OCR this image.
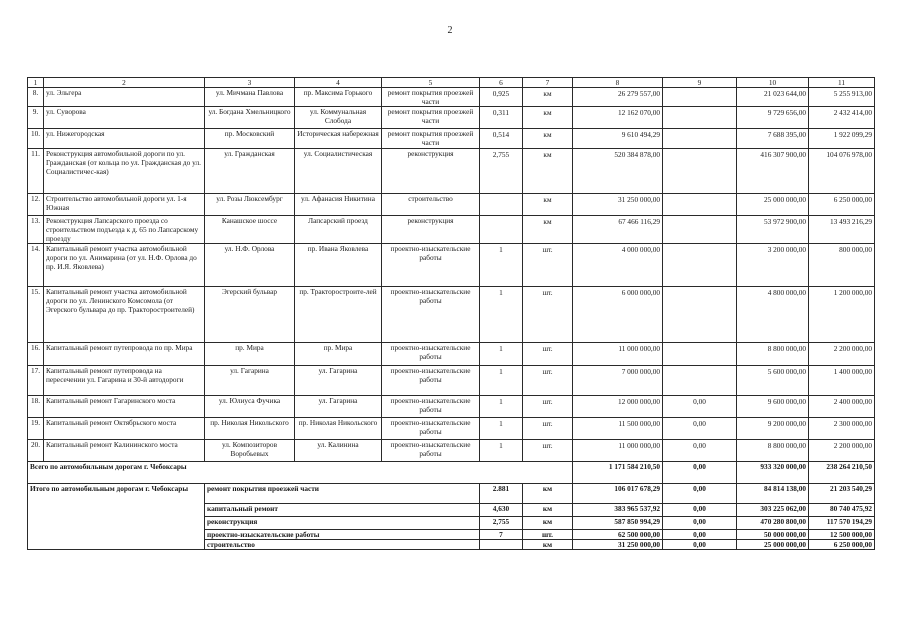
2
1	2	3	4	5	6	7	8	9	10	11
8.	ул. Эльгера	ул. Мичмана Павлова	пр. Максима Горького	ремонт покрытия проезжей части	0,925	км	26 279 557,00		21 023 644,00	5 255 913,00
9.	ул. Суворова	ул. Богдана Хмельницкого	ул. Коммунальная Слобода	ремонт покрытия проезжей части	0,311	км	12 162 070,00		9 729 656,00	2 432 414,00
10.	ул. Нижегородская	пр. Московский	Историческая набережная	ремонт покрытия проезжей части	0,514	км	9 610 494,29		7 688 395,00	1 922 099,29
11.	Реконструкция автомобильной дороги по ул. Гражданская (от кольца по ул. Гражданская до ул. Социалистичес-кая)	ул. Гражданская	ул. Социалистическая	реконструкция	2,755	км	520 384 878,00		416 307 900,00	104 076 978,00
12.	Строительство автомобильной дороги ул. 1-я Южная	ул. Розы Люксембург	ул. Афанасия Никитина	строительство		км	31 250 000,00		25 000 000,00	6 250 000,00
13.	Реконструкция Лапсарского проезда со строительством подъезда к д. 65 по Лапсарскому проезду	Канашское шоссе	Лапсарский проезд	реконструкция		км	67 466 116,29		53 972 900,00	13 493 216,29
14.	Капитальный ремонт участка автомобильной дороги по ул. Анимарина (от ул. Н.Ф. Орлова до пр. И.Я. Яковлева)	ул. Н.Ф. Орлова	пр. Ивана Яковлева	проектно-изыскательские работы	1	шт.	4 000 000,00		3 200 000,00	800 000,00
15.	Капитальный ремонт участка автомобильной дороги по ул. Ленинского Комсомола (от Эгерского бульвара до пр. Тракторостроителей)	Эгерский бульвар	пр. Тракторостроите-лей	проектно-изыскательские работы	1	шт.	6 000 000,00		4 800 000,00	1 200 000,00
16.	Капитальный ремонт путепровода по пр. Мира	пр. Мира	пр. Мира	проектно-изыскательские работы	1	шт.	11 000 000,00		8 800 000,00	2 200 000,00
17.	Капитальный ремонт путепровода на пересечении ул. Гагарина и 30-й автодороги	ул. Гагарина	ул. Гагарина	проектно-изыскательские работы	1	шт.	7 000 000,00		5 600 000,00	1 400 000,00
18.	Капитальный ремонт Гагаринского моста	ул. Юлиуса Фучика	ул. Гагарина	проектно-изыскательские работы	1	шт.	12 000 000,00	0,00	9 600 000,00	2 400 000,00
19.	Капитальный ремонт Октябрьского моста	пр. Николая Никольского	пр. Николая Никольского	проектно-изыскательские работы	1	шт.	11 500 000,00	0,00	9 200 000,00	2 300 000,00
20.	Капитальный ремонт Калининского моста	ул. Композиторов Воробьевых	ул. Калинина	проектно-изыскательские работы	1	шт.	11 000 000,00	0,00	8 800 000,00	2 200 000,00
Всего по автомобильным дорогам г. Чебоксары							1 171 584 210,50	0,00	933 320 000,00	238 264 210,50
Итого по автомобильным дорогам г. Чебоксары		ремонт покрытия проезжей части			2.881	км	106 017 678,29	0,00	84 814 138,00	21 203 540,29
		капитальный ремонт			4,630	км	383 965 537,92	0,00	303 225 062,00	80 740 475,92
		реконструкция			2,755	км	587 850 994,29	0,00	470 280 800,00	117 570 194,29
		проектно-изыскательские работы			7	шт.	62 500 000,00	0,00	50 000 000,00	12 500 000,00
		строительство				км	31 250 000,00	0,00	25 000 000,00	6 250 000,00
